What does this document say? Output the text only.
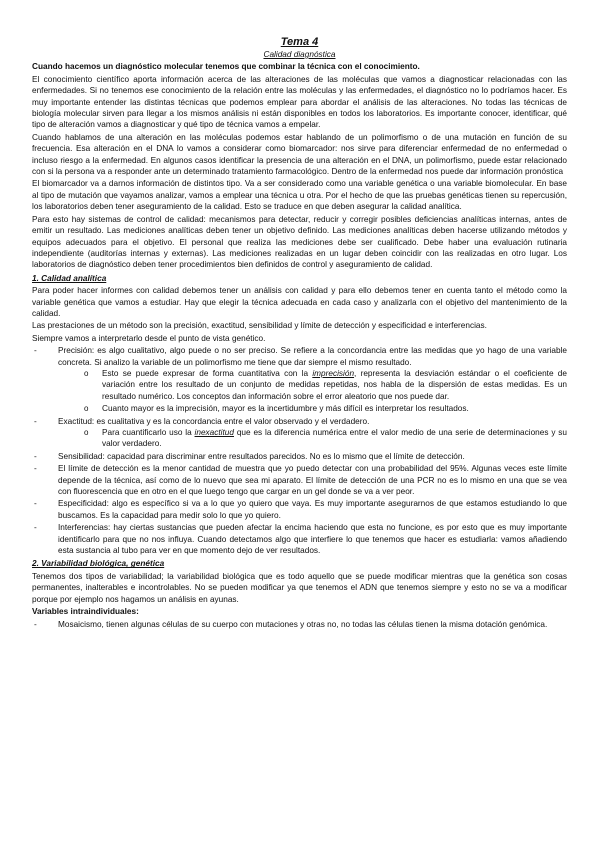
Tema 4

Calidad diagnóstica

Cuando hacemos un diagnóstico molecular tenemos que combinar la técnica con el conocimiento.

El conocimiento científico aporta información acerca de las alteraciones de las moléculas que vamos a diagnosticar relacionadas con las enfermedades. Si no tenemos ese conocimiento de la relación entre las moléculas y las enfermedades, el diagnóstico no lo podríamos hacer. Es muy importante entender las distintas técnicas que podemos emplear para abordar el análisis de las alteraciones. No todas las técnicas de biología molecular sirven para llegar a los mismos análisis ni están disponibles en todos los laboratorios. Es importante conocer, identificar, qué tipo de alteración vamos a diagnosticar y qué tipo de técnica vamos a empelar.

Cuando hablamos de una alteración en las moléculas podemos estar hablando de un polimorfismo o de una mutación en función de su frecuencia. Esa alteración en el DNA lo vamos a considerar como biomarcador: nos sirve para diferenciar enfermedad de no enfermedad o incluso riesgo a la enfermedad. En algunos casos identificar la presencia de una alteración en el DNA, un polimorfismo, puede estar relacionado con si la persona va a responder ante un determinado tratamiento farmacológico. Dentro de la enfermedad nos puede dar información pronóstica

El biomarcador va a darnos información de distintos tipo. Va a ser considerado como una variable genética o una variable biomolecular. En base al tipo de mutación que vayamos analizar, vamos a emplear una técnica u otra. Por el hecho de que las pruebas genéticas tienen su repercusión, los laboratorios deben tener aseguramiento de la calidad. Esto se traduce en que deben asegurar la calidad analítica.

Para esto hay sistemas de control de calidad: mecanismos para detectar, reducir y corregir posibles deficiencias analíticas internas, antes de emitir un resultado. Las mediciones analíticas deben tener un objetivo definido. Las mediciones analíticas deben hacerse utilizando métodos y equipos adecuados para el objetivo. El personal que realiza las mediciones debe ser cualificado. Debe haber una evaluación rutinaria independiente (auditorías internas y externas). Las mediciones realizadas en un lugar deben coincidir con las realizadas en otro lugar. Los laboratorios de diagnóstico deben tener procedimientos bien definidos de control y aseguramiento de calidad.

1. Calidad analítica

Para poder hacer informes con calidad debemos tener un análisis con calidad y para ello debemos tener en cuenta tanto el método como la variable genética que vamos a estudiar. Hay que elegir la técnica adecuada en cada caso y analizarla con el objetivo del mantenimiento de la calidad.

Las prestaciones de un método son la precisión, exactitud, sensibilidad y límite de detección y especificidad e interferencias.

Siempre vamos a interpretarlo desde el punto de vista genético.

- Precisión: es algo cualitativo, algo puede o no ser preciso. Se refiere a la concordancia entre las medidas que yo hago de una variable concreta. Si analizo la variable de un polimorfismo me tiene que dar siempre el mismo resultado.
o Esto se puede expresar de forma cuantitativa con la imprecisión, representa la desviación estándar o el coeficiente de variación entre los resultado de un conjunto de medidas repetidas, nos habla de la dispersión de estas medidas. Es un resultado numérico. Los conceptos dan información sobre el error aleatorio que nos puede dar.
o Cuanto mayor es la imprecisión, mayor es la incertidumbre y más difícil es interpretar los resultados.
- Exactitud: es cualitativa y es la concordancia entre el valor observado y el verdadero.
o Para cuantificarlo uso la inexactitud que es la diferencia numérica entre el valor medio de una serie de determinaciones y su valor verdadero.
- Sensibilidad: capacidad para discriminar entre resultados parecidos. No es lo mismo que el límite de detección.
- El límite de detección es la menor cantidad de muestra que yo puedo detectar con una probabilidad del 95%. Algunas veces este límite depende de la técnica, así como de lo nuevo que sea mi aparato. El límite de detección de una PCR no es lo mismo en una que se vea con fluorescencia que en otro en el que luego tengo que cargar en un gel donde se va a ver peor.
- Especificidad: algo es específico si va a lo que yo quiero que vaya. Es muy importante asegurarnos de que estamos estudiando lo que buscamos. Es la capacidad para medir solo lo que yo quiero.
- Interferencias: hay ciertas sustancias que pueden afectar la encima haciendo que esta no funcione, es por esto que es muy importante identificarlo para que no nos influya. Cuando detectamos algo que interfiere lo que tenemos que hacer es estudiarla: vamos añadiendo esta sustancia al tubo para ver en que momento dejo de ver resultados.

2. Variabilidad biológica, genética

Tenemos dos tipos de variabilidad; la variabilidad biológica que es todo aquello que se puede modificar mientras que la genética son cosas permanentes, inalterables e incontrolables. No se pueden modificar ya que tenemos el ADN que tenemos siempre y esto no se va a modificar porque por ejemplo nos hagamos un análisis en ayunas.

Variables intraindividuales:

- Mosaicismo, tienen algunas células de su cuerpo con mutaciones y otras no, no todas las células tienen la misma dotación genómica.
